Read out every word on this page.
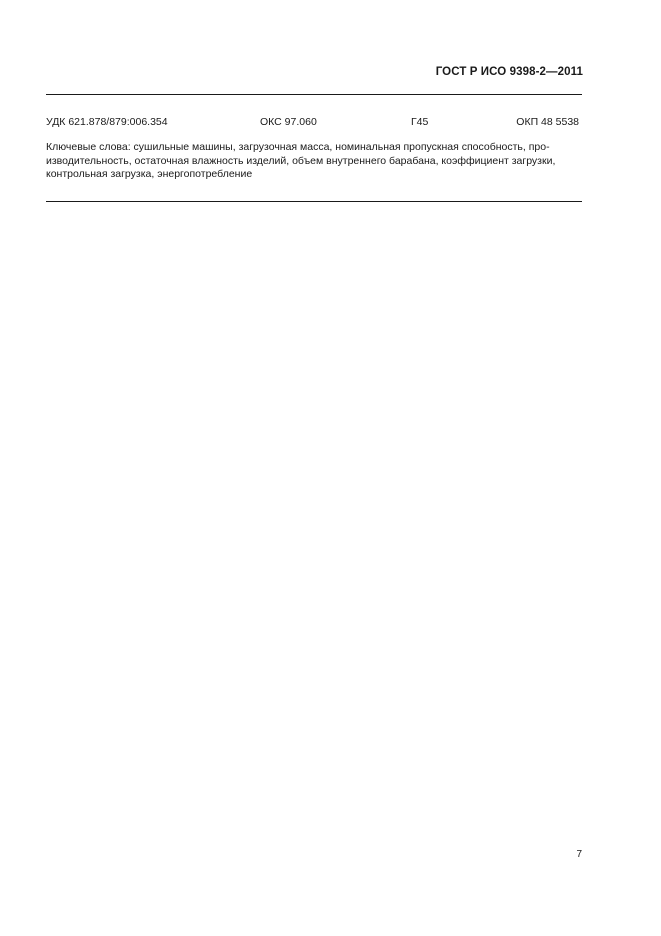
ГОСТ Р ИСО 9398-2—2011
УДК 621.878/879:006.354	ОКС 97.060	Г45	ОКП 48 5538
Ключевые слова: сушильные машины, загрузочная масса, номинальная пропускная способность, про-
изводительность, остаточная влажность изделий, объем внутреннего барабана, коэффициент загрузки,
контрольная загрузка, энергопотребление
7
